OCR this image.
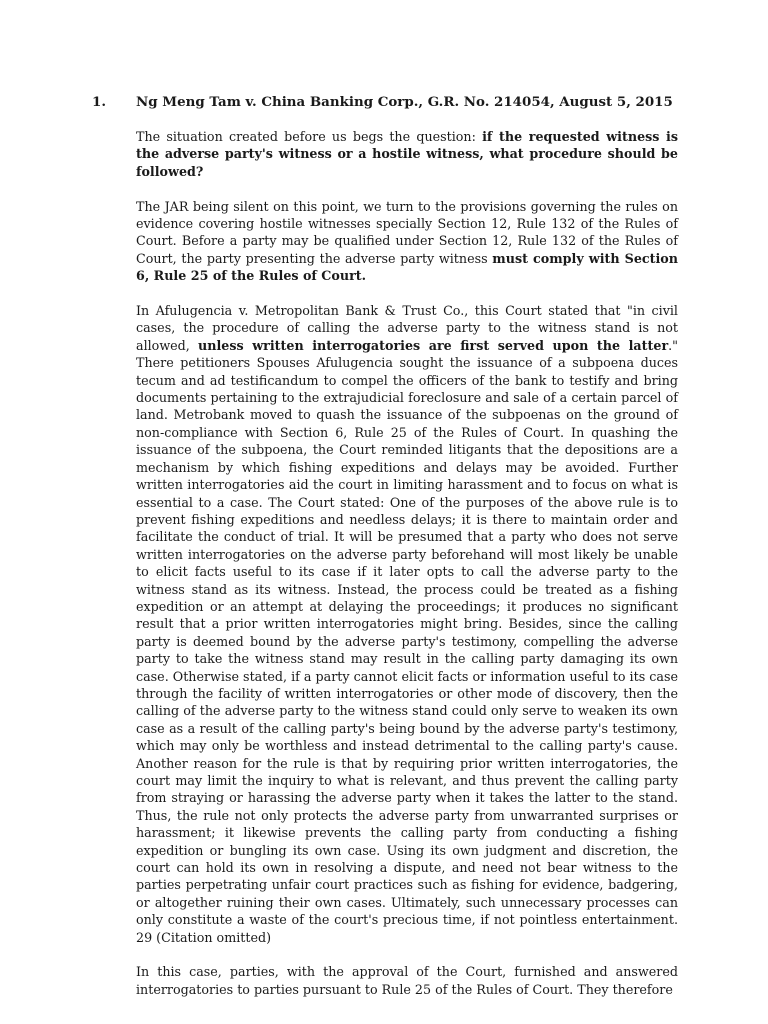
1. Ng Meng Tam v. China Banking Corp., G.R. No. 214054, August 5, 2015

The situation created before us begs the question: if the requested witness is the adverse party's witness or a hostile witness, what procedure should be followed?

The JAR being silent on this point, we turn to the provisions governing the rules on evidence covering hostile witnesses specially Section 12, Rule 132 of the Rules of Court. Before a party may be qualified under Section 12, Rule 132 of the Rules of Court, the party presenting the adverse party witness must comply with Section 6, Rule 25 of the Rules of Court.

In Afulugencia v. Metropolitan Bank & Trust Co., this Court stated that "in civil cases, the procedure of calling the adverse party to the witness stand is not allowed, unless written interrogatories are first served upon the latter." There petitioners Spouses Afulugencia sought the issuance of a subpoena duces tecum and ad testificandum to compel the officers of the bank to testify and bring documents pertaining to the extrajudicial foreclosure and sale of a certain parcel of land. Metrobank moved to quash the issuance of the subpoenas on the ground of non-compliance with Section 6, Rule 25 of the Rules of Court. In quashing the issuance of the subpoena, the Court reminded litigants that the depositions are a mechanism by which fishing expeditions and delays may be avoided. Further written interrogatories aid the court in limiting harassment and to focus on what is essential to a case. The Court stated: One of the purposes of the above rule is to prevent fishing expeditions and needless delays; it is there to maintain order and facilitate the conduct of trial. It will be presumed that a party who does not serve written interrogatories on the adverse party beforehand will most likely be unable to elicit facts useful to its case if it later opts to call the adverse party to the witness stand as its witness. Instead, the process could be treated as a fishing expedition or an attempt at delaying the proceedings; it produces no significant result that a prior written interrogatories might bring. Besides, since the calling party is deemed bound by the adverse party's testimony, compelling the adverse party to take the witness stand may result in the calling party damaging its own case. Otherwise stated, if a party cannot elicit facts or information useful to its case through the facility of written interrogatories or other mode of discovery, then the calling of the adverse party to the witness stand could only serve to weaken its own case as a result of the calling party's being bound by the adverse party's testimony, which may only be worthless and instead detrimental to the calling party's cause. Another reason for the rule is that by requiring prior written interrogatories, the court may limit the inquiry to what is relevant, and thus prevent the calling party from straying or harassing the adverse party when it takes the latter to the stand. Thus, the rule not only protects the adverse party from unwarranted surprises or harassment; it likewise prevents the calling party from conducting a fishing expedition or bungling its own case. Using its own judgment and discretion, the court can hold its own in resolving a dispute, and need not bear witness to the parties perpetrating unfair court practices such as fishing for evidence, badgering, or altogether ruining their own cases. Ultimately, such unnecessary processes can only constitute a waste of the court's precious time, if not pointless entertainment. 29 (Citation omitted)

In this case, parties, with the approval of the Court, furnished and answered interrogatories to parties pursuant to Rule 25 of the Rules of Court. They therefore
